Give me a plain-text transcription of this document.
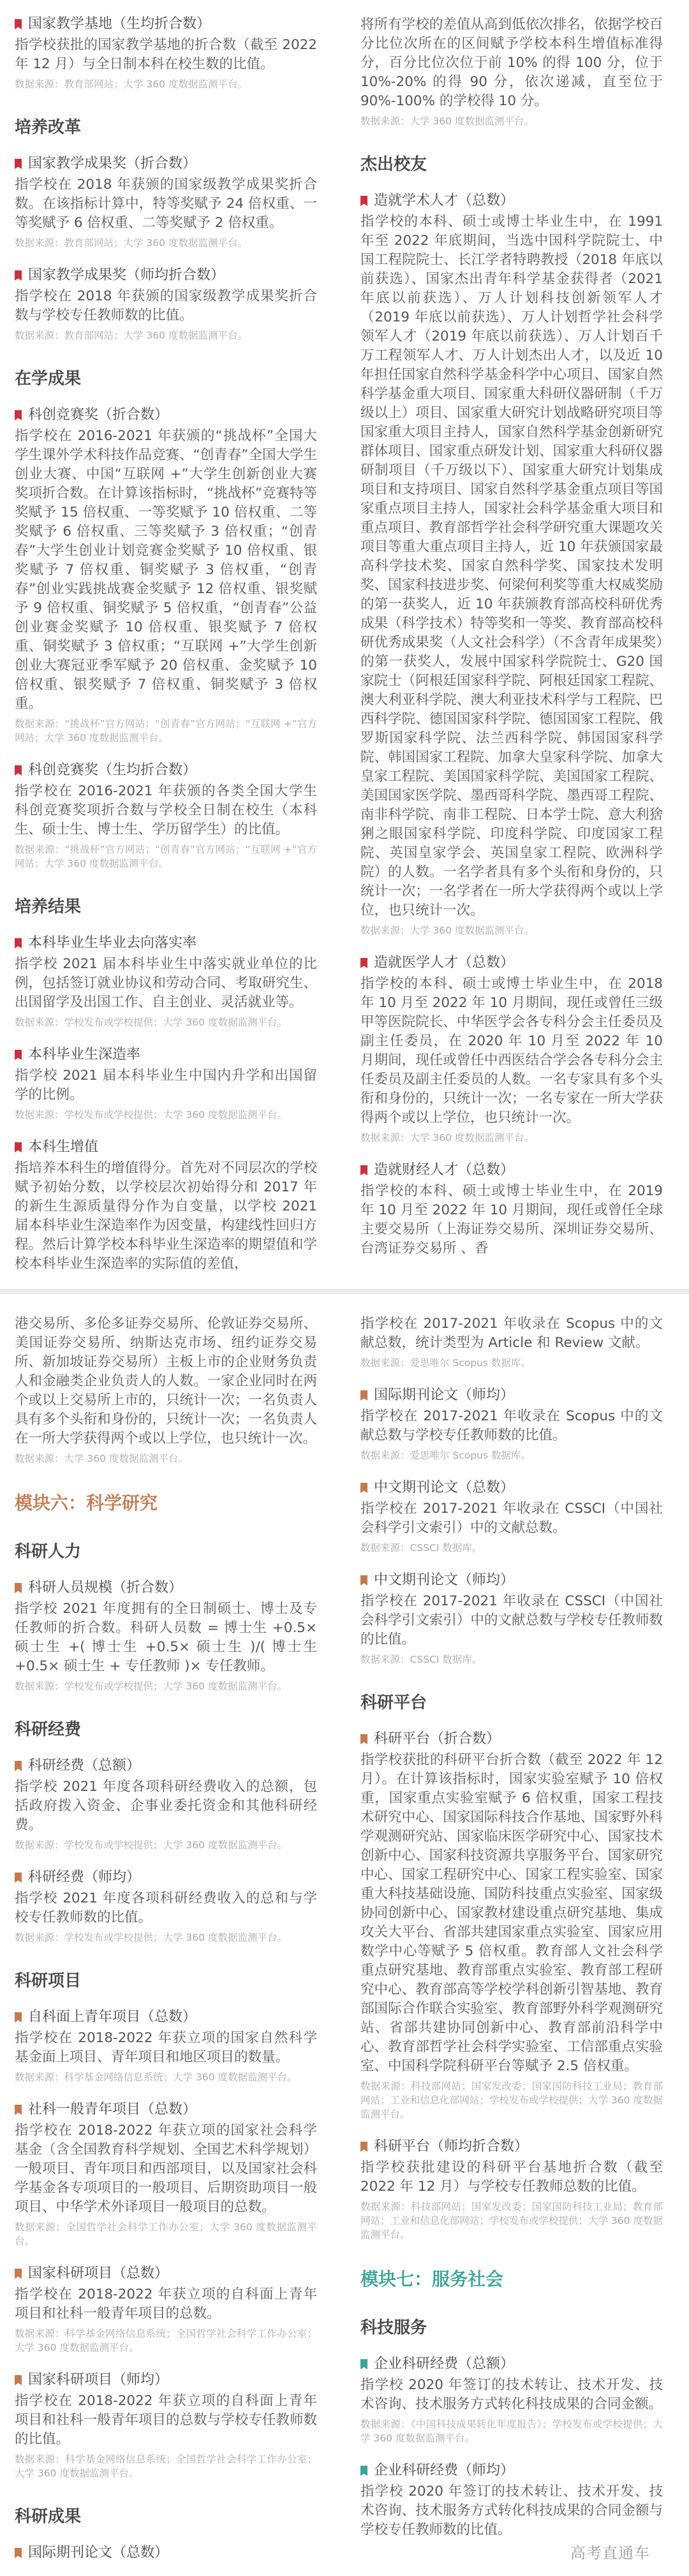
国家教学基地（生均折合数）
指学校获批的国家教学基地的折合数（截至 2022 年 12 月）与全日制本科在校生数的比值。
数据来源：教育部网站；大学 360 度数据监测平台。
培养改革
国家教学成果奖（折合数）
指学校在 2018 年获颁的国家级教学成果奖折合数。在该指标计算中，特等奖赋予 24 倍权重、一等奖赋予 6 倍权重、二等奖赋予 2 倍权重。
数据来源：教育部网站；大学 360 度数据监测平台。
国家教学成果奖（师均折合数）
指学校在 2018 年获颁的国家级教学成果奖折合数与学校专任教师数的比值。
数据来源：教育部网站；大学 360 度数据监测平台。
在学成果
科创竞赛奖（折合数）
指学校在 2016-2021 年获颁的“挑战杯”全国大学生课外学术科技作品竞赛、“创青春”全国大学生创业大赛、中国“互联网 +”大学生创新创业大赛奖项折合数。在计算该指标时，“挑战杯”竞赛特等奖赋予 15 倍权重、一等奖赋予 10 倍权重、二等奖赋予 6 倍权重、三等奖赋予 3 倍权重；“创青春”大学生创业计划竞赛金奖赋予 10 倍权重、银奖赋予 7 倍权重、铜奖赋予 3 倍权重，“创青春”创业实践挑战赛金奖赋予 12 倍权重、银奖赋予 9 倍权重、铜奖赋予 5 倍权重，“创青春”公益创业赛金奖赋予 10 倍权重、银奖赋予 7 倍权重、铜奖赋予 3 倍权重；“互联网 +”大学生创新创业大赛冠亚季军赋予 20 倍权重、金奖赋予 10 倍权重、银奖赋予 7 倍权重、铜奖赋予 3 倍权重。
数据来源：“挑战杯”官方网站；“创青春”官方网站；“互联网 +”官方网站；大学 360 度数据监测平台。
科创竞赛奖（生均折合数）
指学校在 2016-2021 年获颁的各类全国大学生科创竞赛奖项折合数与学校全日制在校生（本科生、硕士生、博士生、学历留学生）的比值。
数据来源：“挑战杯”官方网站；“创青春”官方网站；“互联网 +”官方网站；大学 360 度数据监测平台。
培养结果
本科毕业生毕业去向落实率
指学校 2021 届本科毕业生中落实就业单位的比例，包括签订就业协议和劳动合同、考取研究生、出国留学及出国工作、自主创业、灵活就业等。
数据来源：学校发布或学校提供；大学 360 度数据监测平台。
本科毕业生深造率
指学校 2021 届本科毕业生中国内升学和出国留学的比例。
数据来源：学校发布或学校提供；大学 360 度数据监测平台。
本科生增值
指培养本科生的增值得分。首先对不同层次的学校赋予初始分数，以学校层次初始得分和 2017 年的新生生源质量得分作为自变量，以学校 2021 届本科毕业生深造率作为因变量，构建线性回归方程。然后计算学校本科毕业生深造率的期望值和学校本科毕业生深造率的实际值的差值，
将所有学校的差值从高到低依次排名，依据学校百分比位次所在的区间赋予学校本科生增值标准得分，百分比位次位于前 10% 的得 100 分，位于 10%-20% 的得 90 分，依次递减，直至位于 90%-100% 的学校得 10 分。
数据来源：大学 360 度数据监测平台。
杰出校友
造就学术人才（总数）
指学校的本科、硕士或博士毕业生中，在 1991 年至 2022 年底期间，当选中国科学院院士、中国工程院院士、长江学者特聘教授（2018 年底以前获选）、国家杰出青年科学基金获得者（2021 年底以前获选）、万人计划科技创新领军人才（2019 年底以前获选）、万人计划哲学社会科学领军人才（2019 年底以前获选）、万人计划百千万工程领军人才、万人计划杰出人才，以及近 10 年担任国家自然科学基金科学中心项目、国家自然科学基金重大项目、国家重大科研仪器研制（千万级以上）项目、国家重大研究计划战略研究项目等国家重大项目主持人，国家自然科学基金创新研究群体项目、国家重点研发计划、国家重大科研仪器研制项目（千万级以下）、国家重大研究计划集成项目和支持项目、国家自然科学基金重点项目等国家重点项目主持人，国家社会科学基金重大项目和重点项目、教育部哲学社会科学研究重大课题攻关项目等重大重点项目主持人，近 10 年获颁国家最高科学技术奖、国家自然科学奖、国家技术发明奖、国家科技进步奖、何梁何利奖等重大权威奖励的第一获奖人，近 10 年获颁教育部高校科研优秀成果（科学技术）特等奖和一等奖、教育部高校科研优秀成果奖（人文社会科学）（不含青年成果奖）的第一获奖人，发展中国家科学院院士、G20 国家院士（阿根廷国家科学院、阿根廷国家工程院、澳大利亚科学院、澳大利亚技术科学与工程院、巴西科学院、德国国家科学院、德国国家工程院、俄罗斯国家科学院、法兰西科学院、韩国国家科学院、韩国国家工程院、加拿大皇家科学院、加拿大皇家工程院、美国国家科学院、美国国家工程院、美国国家医学院、墨西哥科学院、墨西哥工程院、南非科学院、南非工程院、日本学士院、意大利猞猁之眼国家科学院、印度科学院、印度国家工程院、英国皇家学会、英国皇家工程院、欧洲科学院）的人数。一名学者具有多个头衔和身份的，只统计一次；一名学者在一所大学获得两个或以上学位，也只统计一次。
数据来源：大学 360 度数据监测平台。
造就医学人才（总数）
指学校的本科、硕士或博士毕业生中，在 2018 年 10 月至 2022 年 10 月期间，现任或曾任三级甲等医院院长、中华医学会各专科分会主任委员及副主任委员，在 2020 年 10 月至 2022 年 10 月期间，现任或曾任中西医结合学会各专科分会主任委员及副主任委员的人数。一名专家具有多个头衔和身份的，只统计一次；一名专家在一所大学获得两个或以上学位，也只统计一次。
数据来源：大学 360 度数据监测平台。
造就财经人才（总数）
指学校的本科、硕士或博士毕业生中，在 2019 年 10 月至 2022 年 10 月期间，现任或曾任全球主要交易所（上海证券交易所、深圳证券交易所、台湾证券交易所 、香
港交易所、多伦多证券交易所、伦敦证券交易所、美国证券交易所、纳斯达克市场、纽约证券交易所、新加坡证券交易所）主板上市的企业财务负责人和金融类企业负责人的人数。一家企业同时在两个或以上交易所上市的，只统计一次；一名负责人具有多个头衔和身份的，只统计一次；一名负责人在一所大学获得两个或以上学位，也只统计一次。
数据来源：大学 360 度数据监测平台。
模块六：科学研究
科研人力
科研人员规模（折合数）
指学校 2021 年度拥有的全日制硕士、博士及专任教师的折合数。科研人员数 = 博士生 +0.5× 硕士生 +( 博士生 +0.5× 硕士生 )/( 博士生 +0.5× 硕士生 + 专任教师 )× 专任教师。
数据来源：学校发布或学校提供；大学 360 度数据监测平台。
科研经费
科研经费（总额）
指学校 2021 年度各项科研经费收入的总额，包括政府拨入资金、企事业委托资金和其他科研经费。
数据来源：学校发布或学校提供；大学 360 度数据监测平台。
科研经费（师均）
指学校 2021 年度各项科研经费收入的总和与学校专任教师数的比值。
数据来源：学校发布或学校提供；大学 360 度数据监测平台。
科研项目
自科面上青年项目（总数）
指学校在 2018-2022 年获立项的国家自然科学基金面上项目、青年项目和地区项目的数量。
数据来源：科学基金网络信息系统；大学 360 度数据监测平台。
社科一般青年项目（总数）
指学校在 2018-2022 年获立项的国家社会科学基金（含全国教育科学规划、全国艺术科学规划）一般项目、青年项目和西部项目，以及国家社会科学基金各专项项目的一般项目、后期资助项目一般项目、中华学术外译项目一般项目的总数。
数据来源：全国哲学社会科学工作办公室；大学 360 度数据监测平台。
国家科研项目（总数）
指学校在 2018-2022 年获立项的自科面上青年项目和社科一般青年项目的总数。
数据来源：科学基金网络信息系统；全国哲学社会科学工作办公室；大学 360 度数据监测平台。
国家科研项目（师均）
指学校在 2018-2022 年获立项的自科面上青年项目和社科一般青年项目的总数与学校专任教师数的比值。
数据来源：科学基金网络信息系统；全国哲学社会科学工作办公室；大学 360 度数据监测平台。
科研成果
国际期刊论文（总数）
指学校在 2017-2021 年收录在 Scopus 中的文献总数，统计类型为 Article 和 Review 文献。
数据来源：爱思唯尔 Scopus 数据库。
国际期刊论文（师均）
指学校在 2017-2021 年收录在 Scopus 中的文献总数与学校专任教师数的比值。
数据来源：爱思唯尔 Scopus 数据库。
中文期刊论文（总数）
指学校在 2017-2021 年收录在 CSSCI（中国社会科学引文索引）中的文献总数。
数据来源：CSSCI 数据库。
中文期刊论文（师均）
指学校在 2017-2021 年收录在 CSSCI（中国社会科学引文索引）中的文献总数与学校专任教师数的比值。
数据来源：CSSCI 数据库。
科研平台
科研平台（折合数）
指学校获批的科研平台折合数（截至 2022 年 12 月）。在计算该指标时，国家实验室赋予 10 倍权重，国家重点实验室赋予 6 倍权重，国家工程技术研究中心、国家国际科技合作基地、国家野外科学观测研究站、国家临床医学研究中心、国家技术创新中心、国家科技资源共享服务平台、国家研究中心、国家工程研究中心、国家工程实验室、国家重大科技基础设施、国防科技重点实验室、国家级协同创新中心、国家教材建设重点研究基地、集成攻关大平台、省部共建国家重点实验室、国家应用数学中心等赋予 5 倍权重。教育部人文社会科学重点研究基地、教育部重点实验室、教育部工程研究中心、教育部高等学校学科创新引智基地、教育部国际合作联合实验室、教育部野外科学观测研究站、省部共建协同创新中心、教育部前沿科学中心、教育部哲学社会科学实验室、工信部重点实验室、中国科学院科研平台等赋予 2.5 倍权重。
数据来源：科技部网站；国家发改委；国家国防科技工业局；教育部网站；工业和信息化部网站；学校发布或学校提供；大学 360 度数据监测平台。
科研平台（师均折合数）
指学校获批建设的科研平台基地折合数（截至 2022 年 12 月）与学校专任教师总数的比值。
数据来源：科技部网站；国家发改委；国家国防科技工业局；教育部网站；工业和信息化部网站；学校发布或学校提供；大学 360 度数据监测平台。
模块七：服务社会
科技服务
企业科研经费（总额）
指学校 2020 年签订的技术转让、技术开发、技术咨询、技术服务方式转化科技成果的合同金额。
数据来源：《中国科技成果转化年度报告》；学校发布或学校提供；大学 360 度数据监测平台。
企业科研经费（师均）
指学校 2020 年签订的技术转让、技术开发、技术咨询、技术服务方式转化科技成果的合同金额与学校专任教师数的比值。
高考直通车
